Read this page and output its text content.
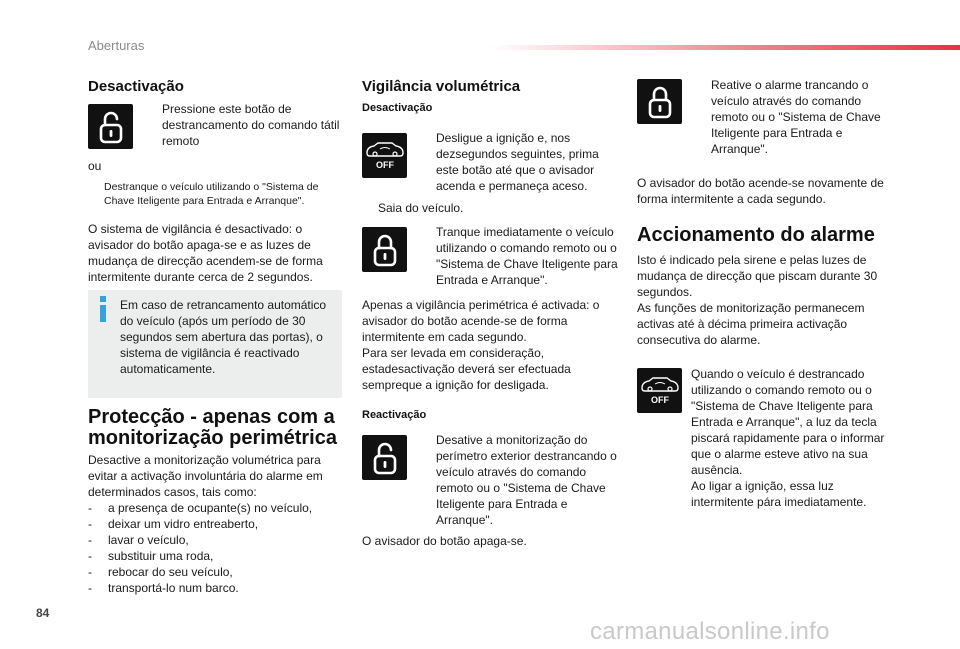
Aberturas
Desactivação
Pressione este botão de destrancamento do comando tátil remoto
ou
Destranque o veículo utilizando o "Sistema de Chave Iteligente para Entrada e Arranque".
O sistema de vigilância é desactivado: o avisador do botão apaga-se e as luzes de mudança de direcção acendem-se de forma intermitente durante cerca de 2 segundos.
Em caso de retrancamento automático do veículo (após um período de 30 segundos sem abertura das portas), o sistema de vigilância é reactivado automaticamente.
Protecção - apenas com a
monitorização perimétrica
Desactive a monitorização volumétrica para evitar a activação involuntária do alarme em determinados casos, tais como:
-	a presença de ocupante(s) no veículo,
-	deixar um vidro entreaberto,
-	lavar o veículo,
-	substituir uma roda,
-	rebocar do seu veículo,
-	transportá-lo num barco.
Vigilância volumétrica
Desactivação
OFF
Desligue a ignição e, nos dezsegundos seguintes, prima este botão até que o avisador acenda e permaneça aceso.
Saia do veículo.
Tranque imediatamente o veículo utilizando o comando remoto ou o "Sistema de Chave Iteligente para Entrada e Arranque".
Apenas a vigilância perimétrica é activada: o avisador do botão acende-se de forma intermitente em cada segundo.
Para ser levada em consideração, estadesactivação deverá ser efectuada sempreque a ignição for desligada.
Reactivação
Desative a monitorização do perímetro exterior destrancando o veículo através do comando remoto ou o "Sistema de Chave Iteligente para Entrada e Arranque".
O avisador do botão apaga-se.
Reative o alarme trancando o veículo através do comando remoto ou o "Sistema de Chave Iteligente para Entrada e Arranque".
O avisador do botão acende-se novamente de forma intermitente a cada segundo.
Accionamento do alarme
Isto é indicado pela sirene e pelas luzes de mudança de direcção que piscam durante 30 segundos.
As funções de monitorização permanecem activas até à décima primeira activação consecutiva do alarme.
OFF
Quando o veículo é destrancado utilizando o comando remoto ou o "Sistema de Chave Iteligente para Entrada e Arranque", a luz da tecla piscará rapidamente para o informar que o alarme esteve ativo na sua ausência.
Ao ligar a ignição, essa luz intermitente pára imediatamente.
84
carmanualsonline.info
